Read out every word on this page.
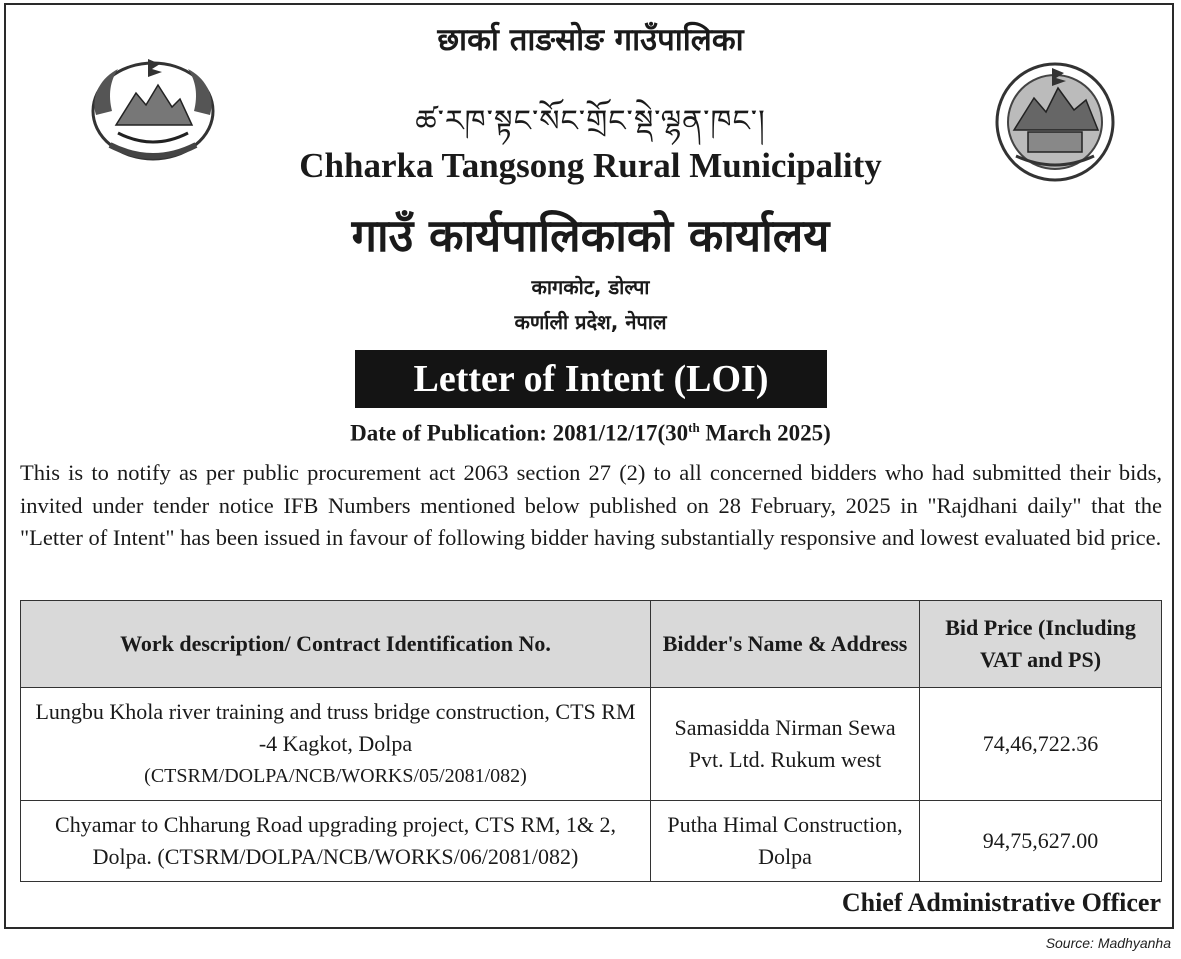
छार्का ताङसोङ गाउँपालिका
ཚ་རཁ་སྟང་སོང་གྲོང་སྡེ་ལྷན་ཁང་།
Chharka Tangsong Rural Municipality
गाउँ कार्यपालिकाको कार्यालय
कागकोट, डोल्पा
कर्णाली प्रदेश, नेपाल
Letter of Intent (LOI)
Date of Publication: 2081/12/17(30th March 2025)

This is to notify as per public procurement act 2063 section 27 (2) to all concerned bidders who had submitted their bids, invited under tender notice IFB Numbers mentioned below published on 28 February, 2025 in "Rajdhani daily" that the "Letter of Intent" has been issued in favour of following bidder having substantially responsive and lowest evaluated bid price.

Work description/ Contract Identification No.	Bidder's Name & Address	Bid Price (Including VAT and PS)

Lungbu Khola river training and truss bridge construction, CTS RM -4 Kagkot, Dolpa
(CTSRM/DOLPA/NCB/WORKS/05/2081/082)	Samasidda Nirman Sewa Pvt. Ltd. Rukum west	74,46,722.36
Chyamar to Chharung Road upgrading project, CTS RM, 1& 2, Dolpa. (CTSRM/DOLPA/NCB/WORKS/06/2081/082)	Putha Himal Construction, Dolpa	94,75,627.00
Chief Administrative Officer
Source: Madhyanha
